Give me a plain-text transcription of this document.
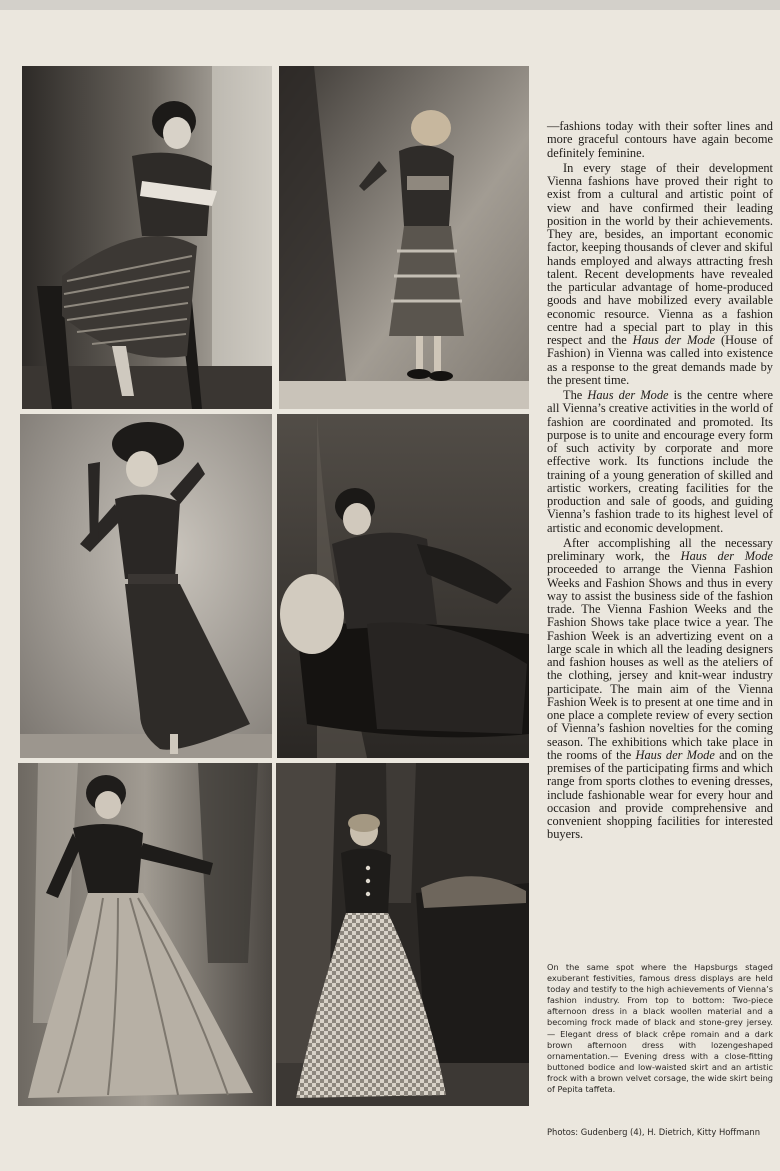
—fashions today with their softer lines and more graceful contours have again become definitely feminine.

In every stage of their development Vienna fashions have proved their right to exist from a cultural and artistic point of view and have confirmed their leading position in the world by their achievements. They are, besides, an important economic factor, keeping thousands of clever and skiful hands employed and always attracting fresh talent. Recent developments have revealed the particular advantage of home-produced goods and have mobilized every available economic resource. Vienna as a fashion centre had a special part to play in this respect and the Haus der Mode (House of Fashion) in Vienna was called into existence as a response to the great demands made by the present time.

The Haus der Mode is the centre where all Vienna’s creative activities in the world of fashion are coordinated and promoted. Its purpose is to unite and encourage every form of such activity by corporate and more effective work. Its functions include the training of a young generation of skilled and artistic workers, creating facilities for the production and sale of goods, and guiding Vienna’s fashion trade to its highest level of artistic and economic development.

After accomplishing all the necessary preliminary work, the Haus der Mode proceeded to arrange the Vienna Fashion Weeks and Fashion Shows and thus in every way to assist the business side of the fashion trade. The Vienna Fashion Weeks and the Fashion Shows take place twice a year. The Fashion Week is an advertizing event on a large scale in which all the leading designers and fashion houses as well as the ateliers of the clothing, jersey and knit-wear industry participate. The main aim of the Vienna Fashion Week is to present at one time and in one place a complete review of every section of Vienna’s fashion novelties for the coming season. The exhibitions which take place in the rooms of the Haus der Mode and on the premises of the participating firms and which range from sports clothes to evening dresses, include fashionable wear for every hour and occasion and provide comprehensive and convenient shopping facilities for interested buyers.

On the same spot where the Hapsburgs staged exuberant festivities, famous dress displays are held today and testify to the high achievements of Vienna’s fashion industry. From top to bottom: Two-piece afternoon dress in a black woollen material and a becoming frock made of black and stone-grey jersey. — Elegant dress of black crêpe romain and a dark brown afternoon dress with lozengeshaped ornamentation.— Evening dress with a close-fitting buttoned bodice and low-waisted skirt and an artistic frock with a brown velvet corsage, the wide skirt being of Pepita taffeta.
Photos: Gudenberg (4), H. Dietrich, Kitty Hoffmann
